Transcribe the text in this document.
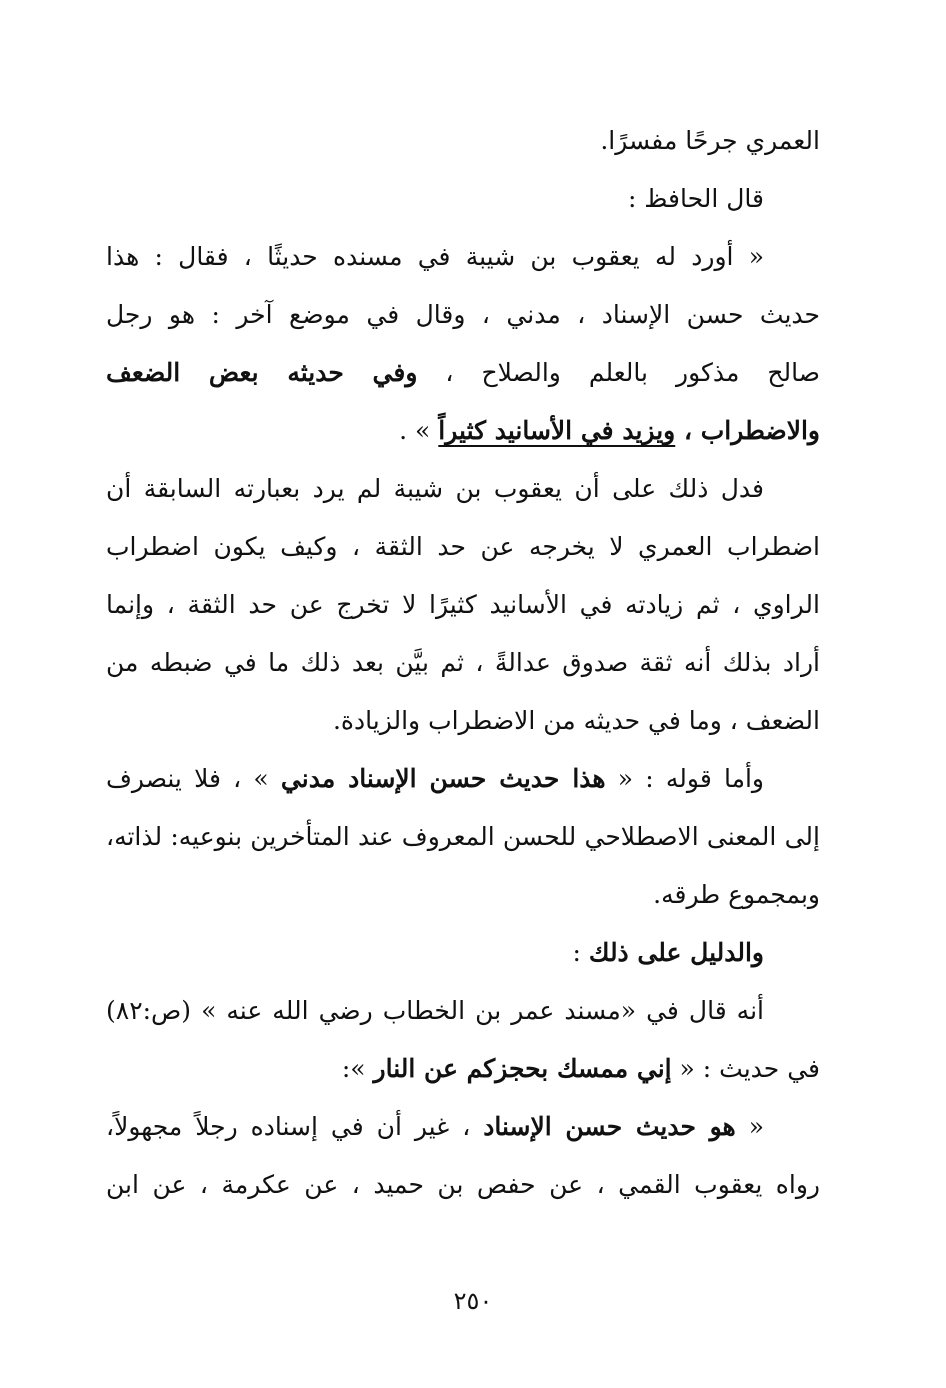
العمري جرحًا مفسرًا.
قال الحافظ :
« أورد له يعقوب بن شيبة في مسنده حديثًا ، فقال : هذا
حديث حسن الإسناد ، مدني ، وقال في موضع آخر : هو رجل
صالح مذكور بالعلم والصلاح ، وفي حديثه بعض الضعف
والاضطراب ، ويزيد في الأسانيد كثيراً » .
فدل ذلك على أن يعقوب بن شيبة لم يرد بعبارته السابقة أن
اضطراب العمري لا يخرجه عن حد الثقة ، وكيف يكون اضطراب
الراوي ، ثم زيادته في الأسانيد كثيرًا لا تخرج عن حد الثقة ، وإنما
أراد بذلك أنه ثقة صدوق عدالةً ، ثم بيَّن بعد ذلك ما في ضبطه من
الضعف ، وما في حديثه من الاضطراب والزيادة.
وأما قوله : « هذا حديث حسن الإسناد مدني » ، فلا ينصرف
إلى المعنى الاصطلاحي للحسن المعروف عند المتأخرين بنوعيه: لذاته،
وبمجموع طرقه.
والدليل على ذلك :
أنه قال في «مسند عمر بن الخطاب رضي الله عنه » (ص:٨٢)
في حديث : « إني ممسك بحجزكم عن النار »:
« هو حديث حسن الإسناد ، غير أن في إسناده رجلاً مجهولاً،
رواه يعقوب القمي ، عن حفص بن حميد ، عن عكرمة ، عن ابن
٢٥٠
